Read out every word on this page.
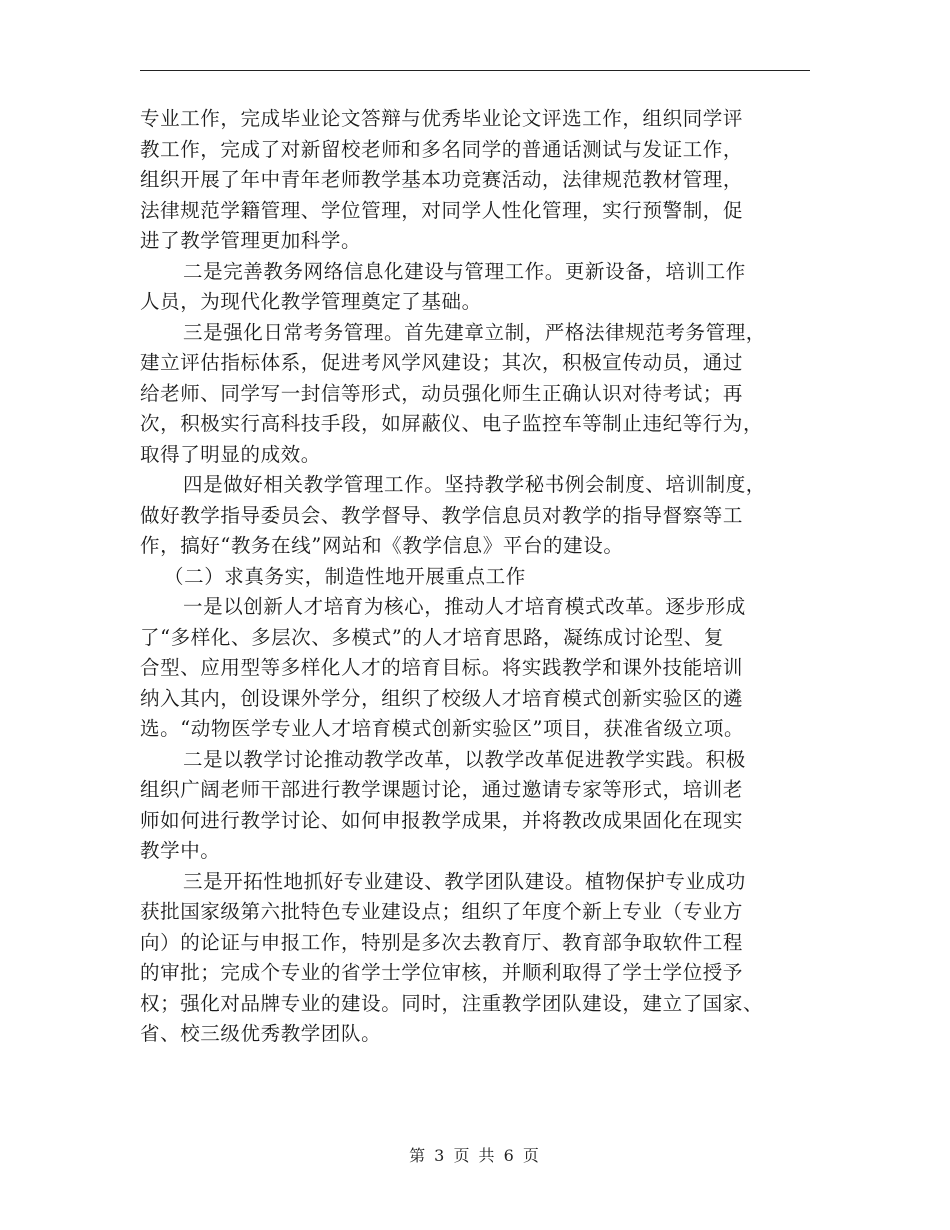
专业工作，完成毕业论文答辩与优秀毕业论文评选工作，组织同学评
教工作，完成了对新留校老师和多名同学的普通话测试与发证工作，
组织开展了年中青年老师教学基本功竞赛活动，法律规范教材管理，
法律规范学籍管理、学位管理，对同学人性化管理，实行预警制，促
进了教学管理更加科学。
二是完善教务网络信息化建设与管理工作。更新设备，培训工作
人员，为现代化教学管理奠定了基础。
三是强化日常考务管理。首先建章立制，严格法律规范考务管理，
建立评估指标体系，促进考风学风建设；其次，积极宣传动员，通过
给老师、同学写一封信等形式，动员强化师生正确认识对待考试；再
次，积极实行高科技手段，如屏蔽仪、电子监控车等制止违纪等行为，
取得了明显的成效。
四是做好相关教学管理工作。坚持教学秘书例会制度、培训制度，
做好教学指导委员会、教学督导、教学信息员对教学的指导督察等工
作，搞好“教务在线”网站和《教学信息》平台的建设。
（二）求真务实，制造性地开展重点工作
一是以创新人才培育为核心，推动人才培育模式改革。逐步形成
了“多样化、多层次、多模式”的人才培育思路，凝练成讨论型、复
合型、应用型等多样化人才的培育目标。将实践教学和课外技能培训
纳入其内，创设课外学分，组织了校级人才培育模式创新实验区的遴
选。“动物医学专业人才培育模式创新实验区”项目，获准省级立项。
二是以教学讨论推动教学改革，以教学改革促进教学实践。积极
组织广阔老师干部进行教学课题讨论，通过邀请专家等形式，培训老
师如何进行教学讨论、如何申报教学成果，并将教改成果固化在现实
教学中。
三是开拓性地抓好专业建设、教学团队建设。植物保护专业成功
获批国家级第六批特色专业建设点；组织了年度个新上专业（专业方
向）的论证与申报工作，特别是多次去教育厅、教育部争取软件工程
的审批；完成个专业的省学士学位审核，并顺利取得了学士学位授予
权；强化对品牌专业的建设。同时，注重教学团队建设，建立了国家、
省、校三级优秀教学团队。
第 3 页 共 6 页
